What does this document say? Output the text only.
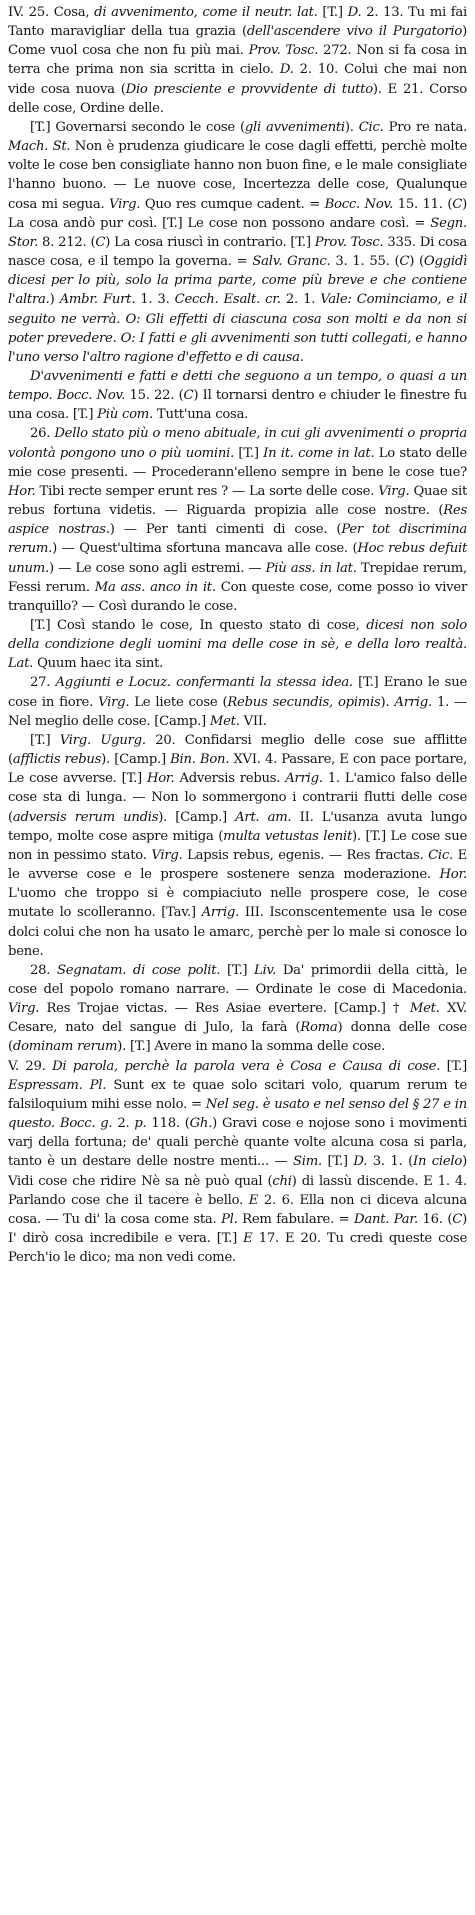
IV. 25. Cosa, di avvenimento, come il neutr. lat. [T.] D. 2. 13. Tu mi fai Tanto maravigliar della tua grazia (dell'ascendere vivo il Purgatorio) Come vuol cosa che non fu più mai. Prov. Tosc. 272. Non si fa cosa in terra che prima non sia scritta in cielo. D. 2. 10. Colui che mai non vide cosa nuova (Dio presciente e provvidente di tutto). E 21. Corso delle cose, Ordine delle.

[T.] Governarsi secondo le cose (gli avvenimenti). Cic. Pro re nata. Mach. St. Non è prudenza giudicare le cose dagli effetti, perchè molte volte le cose ben consigliate hanno non buon fine, e le male consigliate l'hanno buono. — Le nuove cose, Incertezza delle cose, Qualunque cosa mi segua. Virg. Quo res cumque cadent. = Bocc. Nov. 15. 11. (C) La cosa andò pur così. [T.] Le cose non possono andare così. = Segn. Stor. 8. 212. (C) La cosa riuscì in contrario. [T.] Prov. Tosc. 335. Di cosa nasce cosa, e il tempo la governa. = Salv. Granc. 3. 1. 55. (C) (Oggidì dicesi per lo più, solo la prima parte, come più breve e che contiene l'altra.) Ambr. Furt. 1. 3. Cecch. Esalt. cr. 2. 1. Vale: Cominciamo, e il seguito ne verrà. O: Gli effetti di ciascuna cosa son molti e da non si poter prevedere. O: I fatti e gli avvenimenti son tutti collegati, e hanno l'uno verso l'altro ragione d'effetto e di causa.

D'avvenimenti e fatti e detti che seguono a un tempo, o quasi a un tempo. Bocc. Nov. 15. 22. (C) Il tornarsi dentro e chiuder le finestre fu una cosa. [T.] Più com. Tutt'una cosa.

26. Dello stato più o meno abituale, in cui gli avvenimenti o propria volontà pongono uno o più uomini. [T.] In it. come in lat. Lo stato delle mie cose presenti. — Procederann'elleno sempre in bene le cose tue? Hor. Tibi recte semper erunt res ? — La sorte delle cose. Virg. Quae sit rebus fortuna videtis. — Riguarda propizia alle cose nostre. (Res aspice nostras.) — Per tanti cimenti di cose. (Per tot discrimina rerum.) — Quest'ultima sfortuna mancava alle cose. (Hoc rebus defuit unum.) — Le cose sono agli estremi. — Più ass. in lat. Trepidae rerum, Fessi rerum. Ma ass. anco in it. Con queste cose, come posso io viver tranquillo? — Così durando le cose.

[T.] Così stando le cose, In questo stato di cose, dicesi non solo della condizione degli uomini ma delle cose in sè, e della loro realtà. Lat. Quum haec ita sint.

27. Aggiunti e Locuz. confermanti la stessa idea. [T.] Erano le sue cose in fiore. Virg. Le liete cose (Rebus secundis, opimis). Arrig. 1. — Nel meglio delle cose. [Camp.] Met. VII.

[T.] Virg. Ugurg. 20. Confidarsi meglio delle cose sue afflitte (afflictis rebus). [Camp.] Bin. Bon. XVI. 4. Passare, E con pace portare, Le cose avverse. [T.] Hor. Adversis rebus. Arrig. 1. L'amico falso delle cose sta di lunga. — Non lo sommergono i contrarii flutti delle cose (adversis rerum undis). [Camp.] Art. am. II. L'usanza avuta lungo tempo, molte cose aspre mitiga (multa vetustas lenit). [T.] Le cose sue non in pessimo stato. Virg. Lapsis rebus, egenis. — Res fractas. Cic. E le avverse cose e le prospere sostenere senza moderazione. Hor. L'uomo che troppo si è compiaciuto nelle prospere cose, le cose mutate lo scolleranno. [Tav.] Arrig. III. Isconscentemente usa le cose dolci colui che non ha usato le amarc, perchè per lo male si conosce lo bene.

28. Segnatam. di cose polit. [T.] Liv. Da' primordii della città, le cose del popolo romano narrare. — Ordinate le cose di Macedonia. Virg. Res Trojae victas. — Res Asiae evertere. [Camp.] † Met. XV. Cesare, nato del sangue di Julo, la farà (Roma) donna delle cose (dominam rerum). [T.] Avere in mano la somma delle cose.

V. 29. Di parola, perchè la parola vera è Cosa e Causa di cose. [T.] Espressam. Pl. Sunt ex te quae solo scitari volo, quarum rerum te falsiloquium mihi esse nolo. = Nel seg. è usato e nel senso del § 27 e in questo. Bocc. g. 2. p. 118. (Gh.) Gravi cose e nojose sono i movimenti varj della fortuna; de' quali perchè quante volte alcuna cosa si parla, tanto è un destare delle nostre menti... — Sim. [T.] D. 3. 1. (In cielo) Vidi cose che ridire Nè sa nè può qual (chi) di lassù discende. E 1. 4. Parlando cose che il tacere è bello. E 2. 6. Ella non ci diceva alcuna cosa. — Tu di' la cosa come sta. Pl. Rem fabulare. = Dant. Par. 16. (C) I' dirò cosa incredibile e vera. [T.] E 17. E 20. Tu credi queste cose Perch'io le dico; ma non vedi come.
